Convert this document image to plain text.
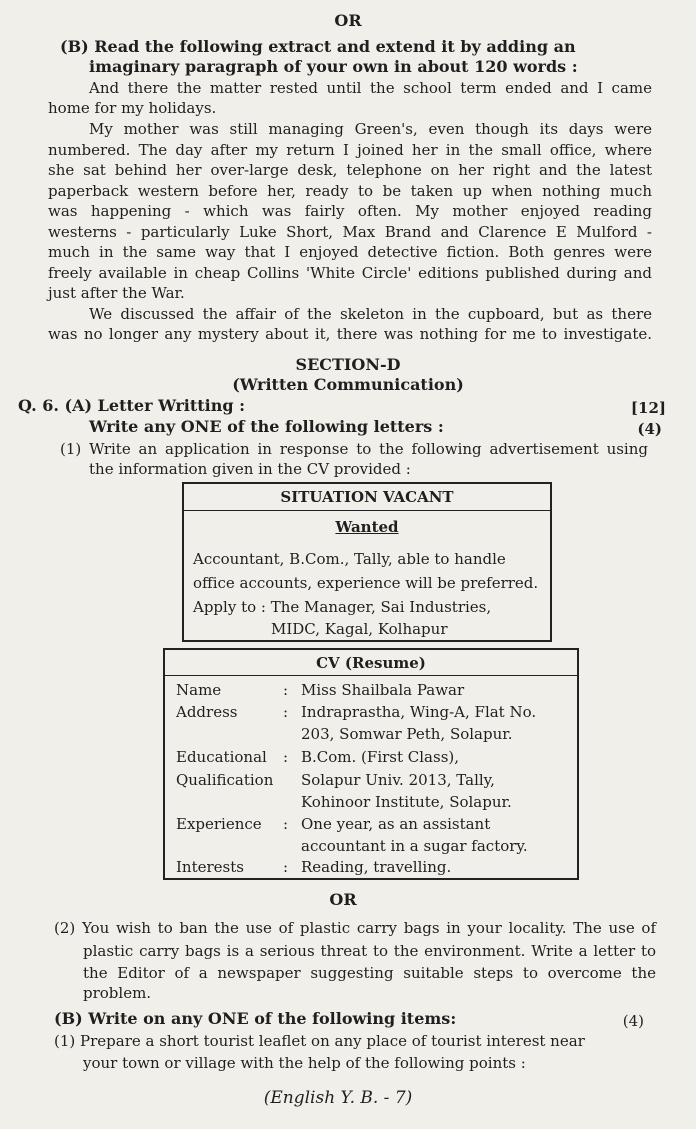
OR
(B) Read the following extract and extend it by adding an
imaginary paragraph of your own in about 120 words :
And there the matter rested until the school term ended and I came
home for my holidays.
My mother was still managing Green's, even though its days were
numbered. The day after my return I joined her in the small office, where
she sat behind her over-large desk, telephone on her right and the latest
paperback western before her, ready to be taken up when nothing much
was happening - which was fairly often. My mother enjoyed reading
westerns - particularly Luke Short, Max Brand and Clarence E Mulford -
much in the same way that I enjoyed detective fiction. Both genres were
freely available in cheap Collins 'White Circle' editions published during and
just after the War.
We discussed the affair of the skeleton in the cupboard, but as there
was no longer any mystery about it, there was nothing for me to investigate.
SECTION-D
(Written Communication)
Q. 6. (A) Letter Writting :	[12]
Write any ONE of the following letters :	(4)
(1) Write an application in response to the following advertisement using
the information given in the CV provided :
SITUATION VACANT
Wanted
Accountant, B.Com., Tally, able to handle
office accounts, experience will be preferred.
Apply to : The Manager, Sai Industries,
MIDC, Kagal, Kolhapur
CV (Resume)
Name	: Miss Shailbala Pawar
Address	: Indraprastha, Wing-A, Flat No.
203, Somwar Peth, Solapur.
Educational :
Qualification
B.Com. (First Class),
Solapur Univ. 2013, Tally,
Kohinoor Institute, Solapur.
Experience : One year, as an assistant
accountant in a sugar factory.
Interests	: Reading, travelling.
OR
(2) You wish to ban the use of plastic carry bags in your locality. The use of
plastic carry bags is a serious threat to the environment. Write a letter to
the Editor of a newspaper suggesting suitable steps to overcome the
problem.
(B) Write on any ONE of the following items:	(4)
(1) Prepare a short tourist leaflet on any place of tourist interest near
your town or village with the help of the following points :
(English Y. B. - 7)
